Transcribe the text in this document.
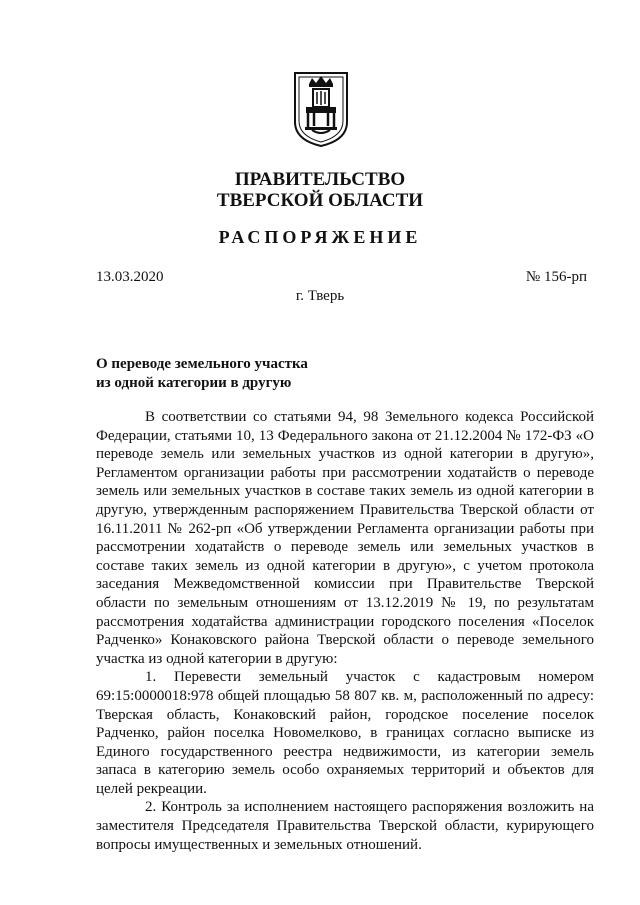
ПРАВИТЕЛЬСТВО
ТВЕРСКОЙ ОБЛАСТИ
РАСПОРЯЖЕНИЕ
13.03.2020	№ 156-рп
г. Тверь
О переводе земельного участка
из одной категории в другую

В соответствии со статьями 94, 98 Земельного кодекса Российской Федерации, статьями 10, 13 Федерального закона от 21.12.2004 № 172-ФЗ «О переводе земель или земельных участков из одной категории в другую», Регламентом организации работы при рассмотрении ходатайств о переводе земель или земельных участков в составе таких земель из одной категории в другую, утвержденным распоряжением Правительства Тверской области от 16.11.2011 № 262-рп «Об утверждении Регламента организации работы при рассмотрении ходатайств о переводе земель или земельных участков в составе таких земель из одной категории в другую», с учетом протокола заседания Межведомственной комиссии при Правительстве Тверской области по земельным отношениям от 13.12.2019 № 19, по результатам рассмотрения ходатайства администрации городского поселения «Поселок Радченко» Конаковского района Тверской области о переводе земельного участка из одной категории в другую:

1. Перевести земельный участок с кадастровым номером 69:15:0000018:978 общей площадью 58 807 кв. м, расположенный по адресу: Тверская область, Конаковский район, городское поселение поселок Радченко, район поселка Новомелково, в границах согласно выписке из Единого государственного реестра недвижимости, из категории земель запаса в категорию земель особо охраняемых территорий и объектов для целей рекреации.

2. Контроль за исполнением настоящего распоряжения возложить на заместителя Председателя Правительства Тверской области, курирующего вопросы имущественных и земельных отношений.
